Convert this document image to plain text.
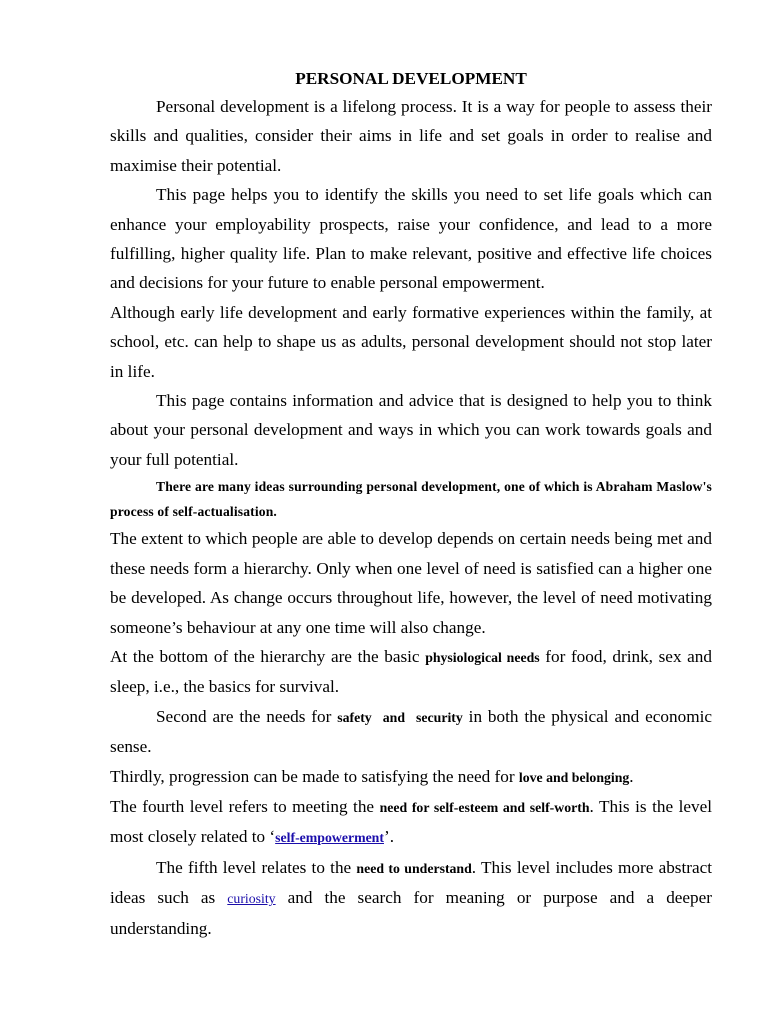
PERSONAL DEVELOPMENT

Personal development is a lifelong process. It is a way for people to assess their skills and qualities, consider their aims in life and set goals in order to realise and maximise their potential.

This page helps you to identify the skills you need to set life goals which can enhance your employability prospects, raise your confidence, and lead to a more fulfilling, higher quality life. Plan to make relevant, positive and effective life choices and decisions for your future to enable personal empowerment.

Although early life development and early formative experiences within the family, at school, etc. can help to shape us as adults, personal development should not stop later in life.

This page contains information and advice that is designed to help you to think about your personal development and ways in which you can work towards goals and your full potential.

There are many ideas surrounding personal development, one of which is Abraham Maslow's process of self-actualisation.

The extent to which people are able to develop depends on certain needs being met and these needs form a hierarchy. Only when one level of need is satisfied can a higher one be developed. As change occurs throughout life, however, the level of need motivating someone’s behaviour at any one time will also change.

At the bottom of the hierarchy are the basic physiological needs for food, drink, sex and sleep, i.e., the basics for survival.

Second are the needs for safety and security in both the physical and economic sense.

Thirdly, progression can be made to satisfying the need for love and belonging.

The fourth level refers to meeting the need for self-esteem and self-worth. This is the level most closely related to ‘self-empowerment’.

The fifth level relates to the need to understand. This level includes more abstract ideas such as curiosity and the search for meaning or purpose and a deeper understanding.
